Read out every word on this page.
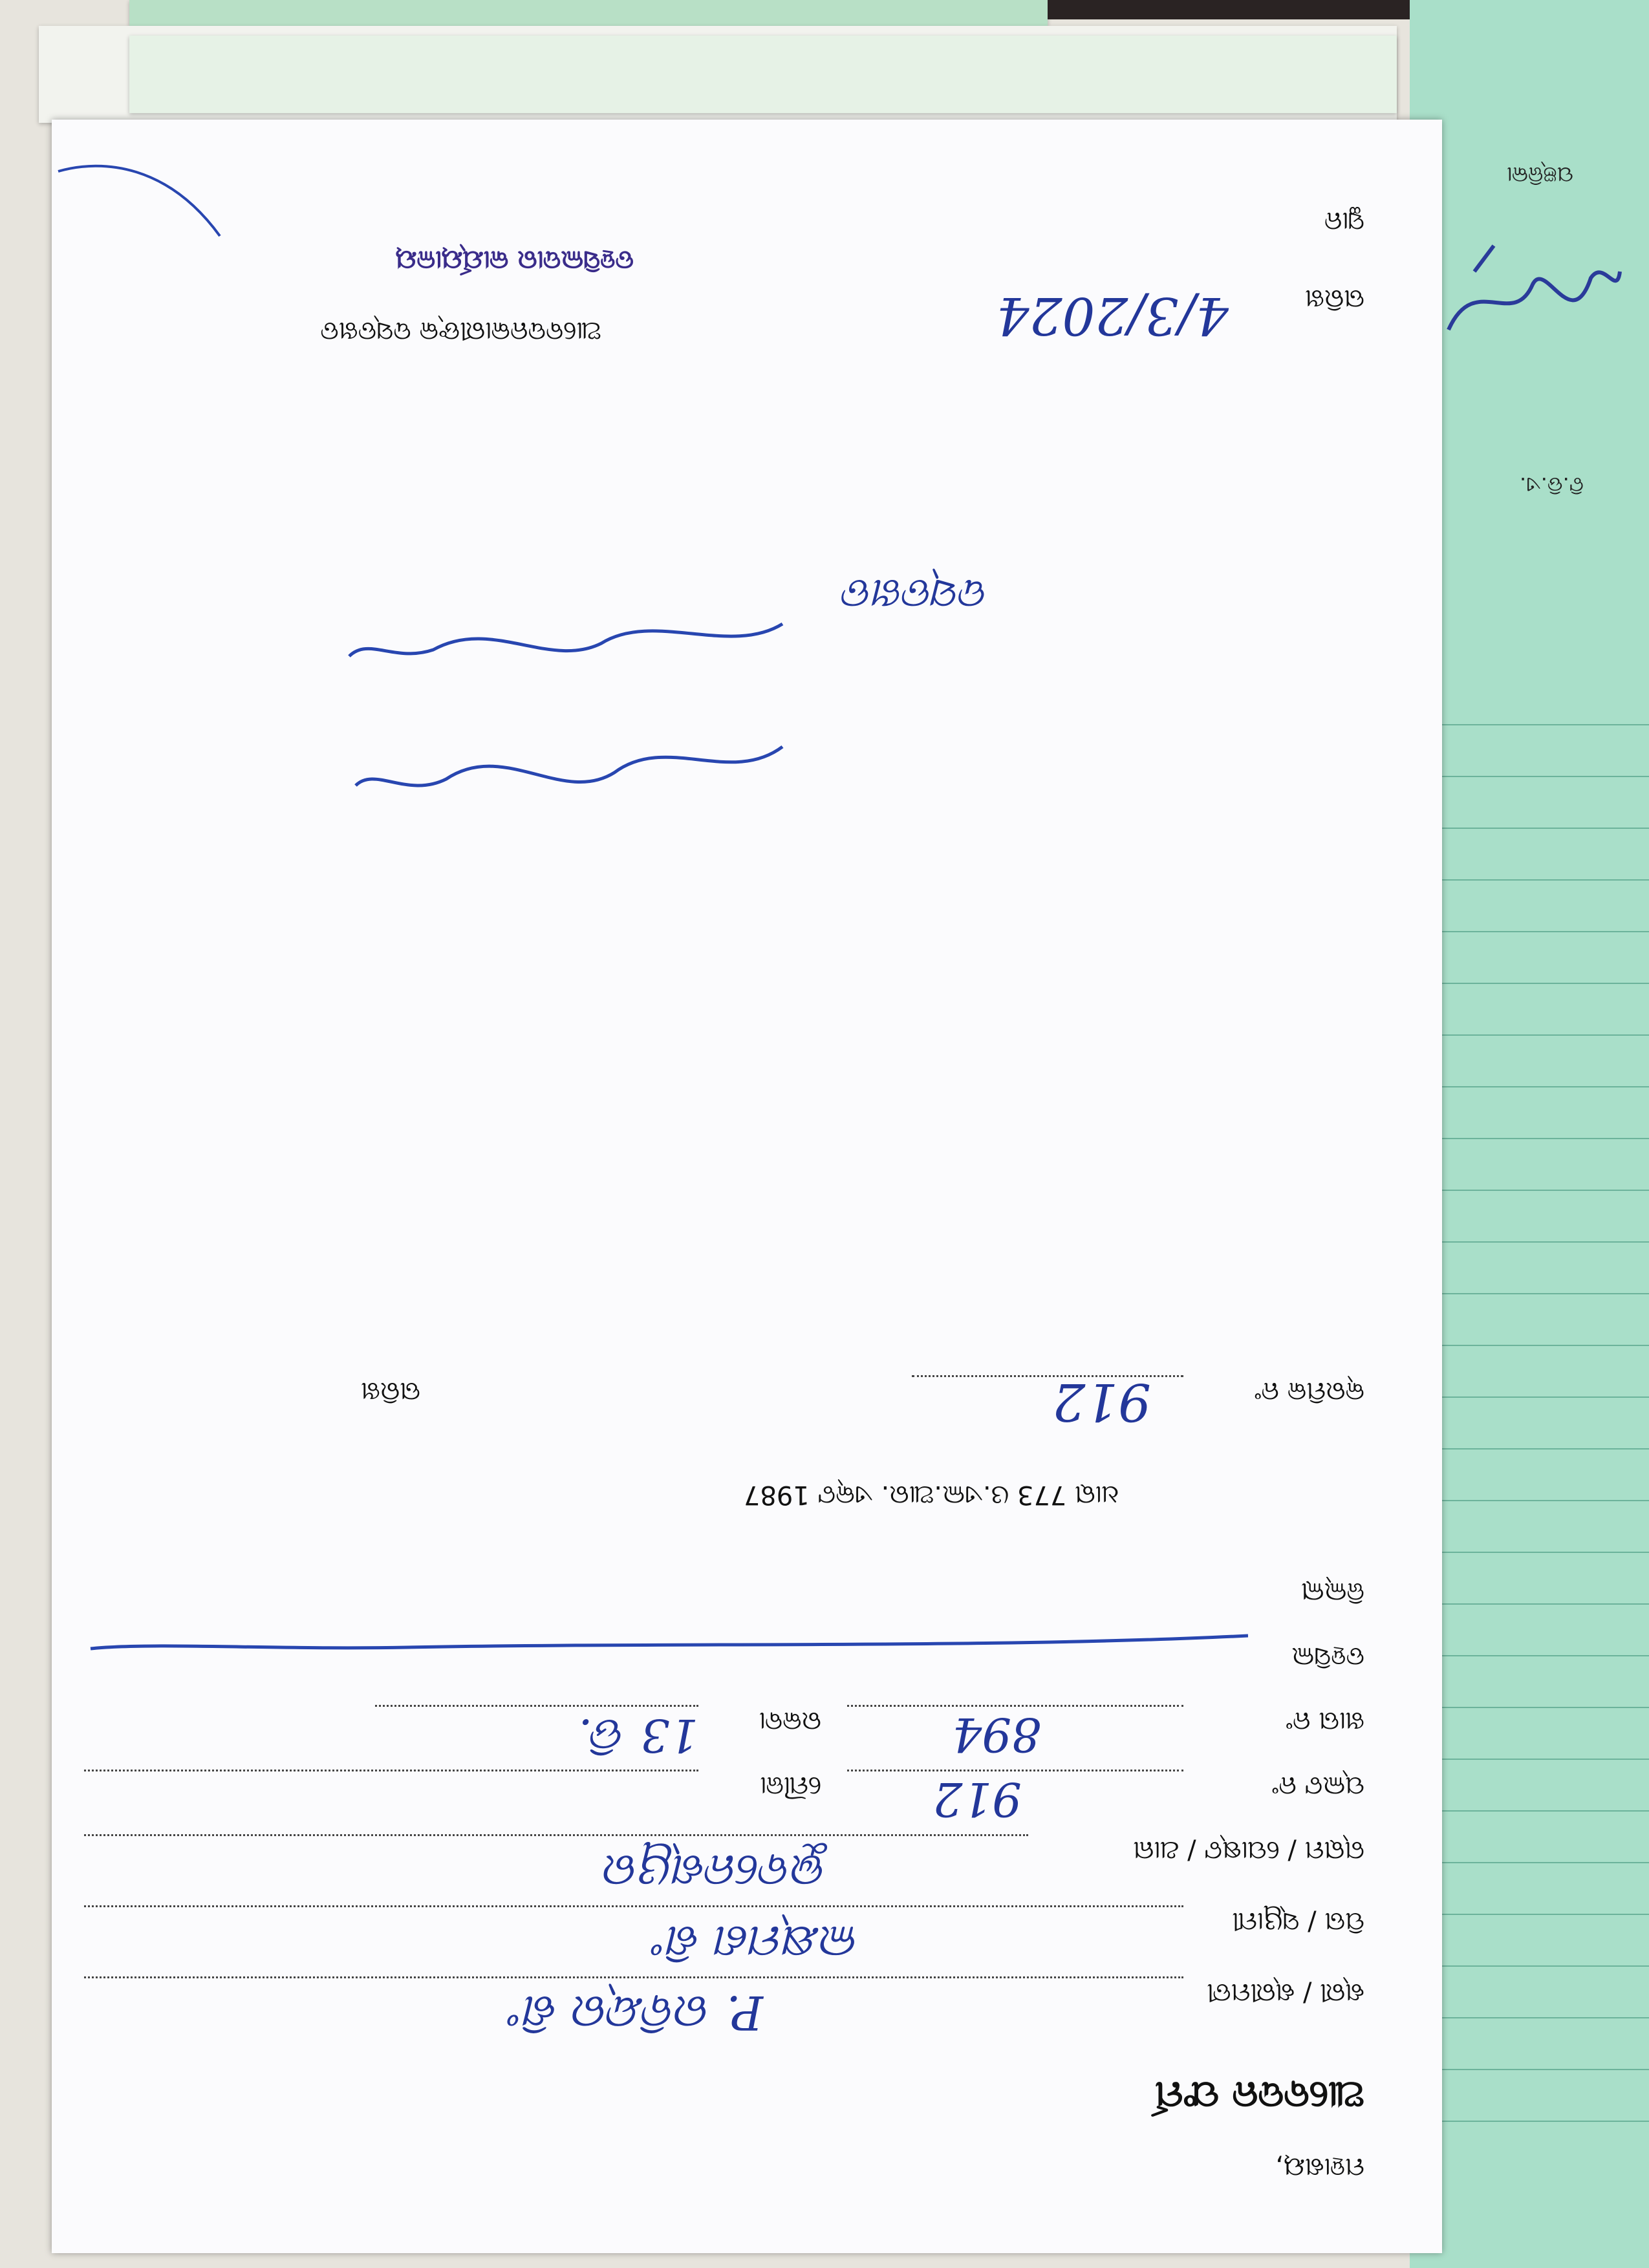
ପଞ୍ଜିକା
ଟି.ଡି.ଏ.
ମହାଶୟ,
ଆବେଦନ ଫର୍ମ
ଶ୍ରୀ / ଶ୍ରୀମତୀ
P. ରବିନ୍ଦ୍ର ଶିଂ
ପିତା / ସ୍ୱାମୀ
ଲକ୍ଷ୍ମଣ ଶିଂ
ଗ୍ରାମ / ପୋଷ୍ଟ / ଥାନା
ଭୁବନେଶ୍ୱର
ପ୍ଲଟ ନଂ
912
ମୌଜା
ଖାତା ନଂ
894
ରକବା
13 ଡି.
ତହସିଲ
ଜିଲ୍ଲା
ଧାରା 773 ଓ.ଏଲ.ଆର. ଏକ୍ଟ 1987
କ୍ରମିକ ନଂ
912
ତାରିଖ
ଦସ୍ତଖତ
ଆବେଦନକାରୀଙ୍କ ଦସ୍ତଖତ
ତହସିଲଦାର କାର୍ଯ୍ୟାଳୟ
ସ୍ଥାନ
ତାରିଖ
4/3/2024
